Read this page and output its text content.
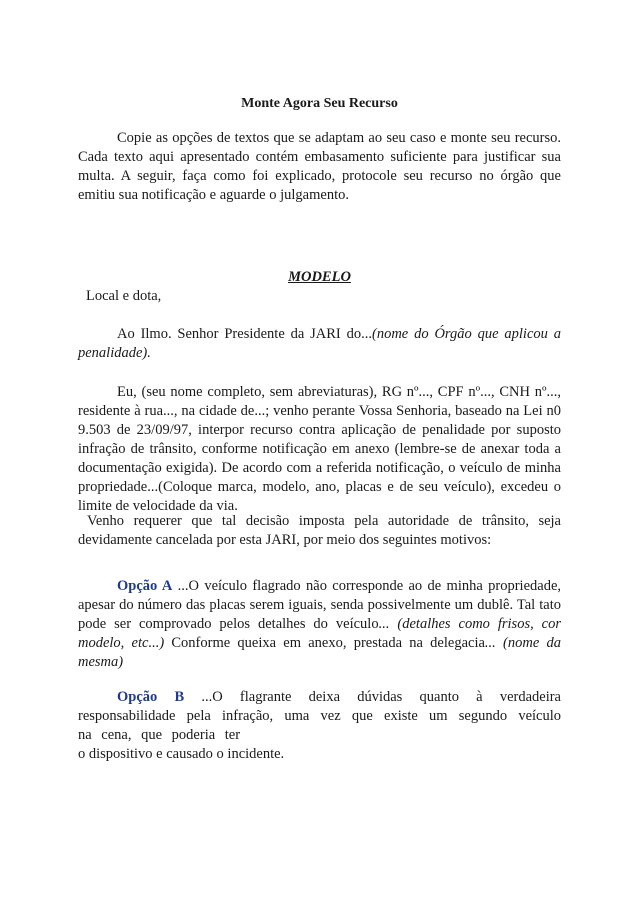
Monte Agora Seu Recurso
Copie as opções de textos que se adaptam ao seu caso e monte seu recurso. Cada texto aqui apresentado contém embasamento suficiente para justificar sua multa. A seguir, faça como foi explicado, protocole seu recurso no órgão que emitiu sua notificação e aguarde o julgamento.
MODELO
Local e dota,
Ao Ilmo. Senhor Presidente da JARI do...(nome do Órgão que aplicou a penalidade).
Eu, (seu nome completo, sem abreviaturas), RG nº..., CPF nº..., CNH nº..., residente à rua..., na cidade de...; venho perante Vossa Senhoria, baseado na Lei n0 9.503 de 23/09/97, interpor recurso contra aplicação de penalidade por suposto infração de trânsito, conforme notificação em anexo (lembre-se de anexar toda a documentação exigida). De acordo com a referida notificação, o veículo de minha propriedade...(Coloque marca, modelo, ano, placas e de seu veículo), excedeu o limite de velocidade da via.
Venho requerer que tal decisão imposta pela autoridade de trânsito, seja devidamente cancelada por esta JARI, por meio dos seguintes motivos:
Opção A ...O veículo flagrado não corresponde ao de minha propriedade, apesar do número das placas serem iguais, senda possivelmente um dublê. Tal tato pode ser comprovado pelos detalhes do veículo... (detalhes como frisos, cor modelo, etc...) Conforme queixa em anexo, prestada na delegacia... (nome da mesma)
Opção B ...O flagrante deixa dúvidas quanto à verdadeira responsabilidade pela infração, uma vez que existe um segundo veículo na cena, que poderia ter
o dispositivo e causado o incidente.
